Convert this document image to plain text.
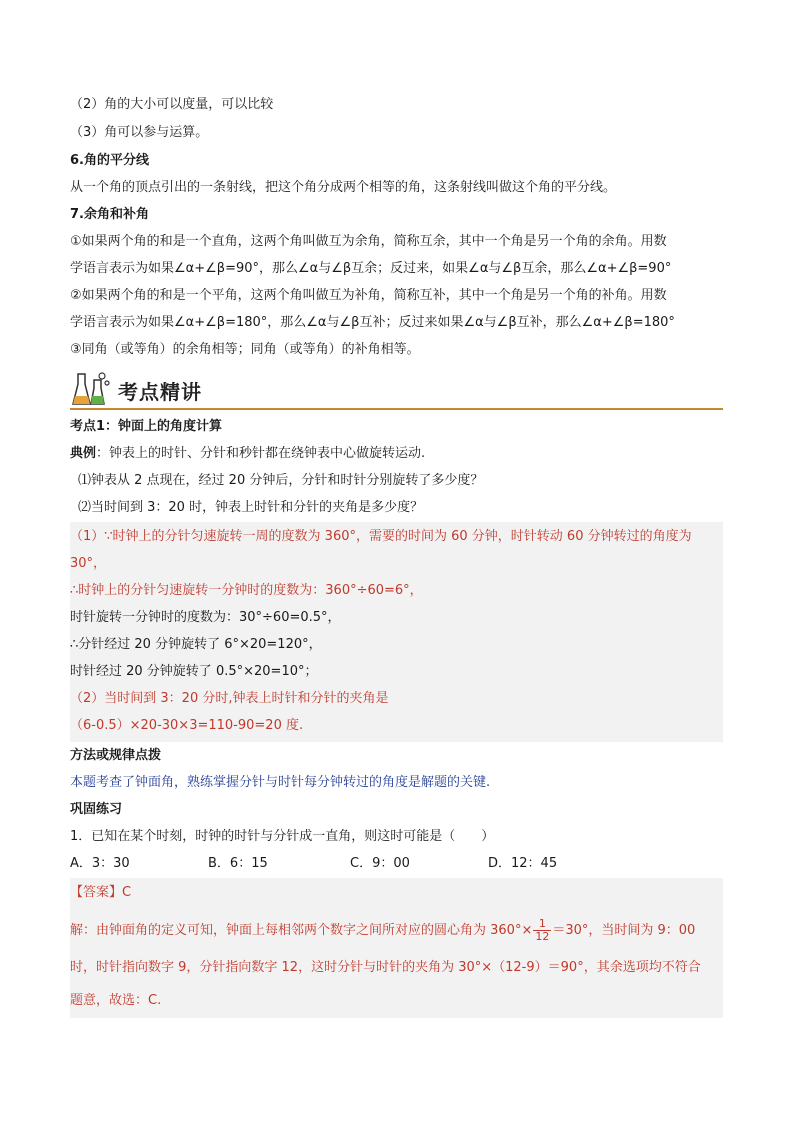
（2）角的大小可以度量，可以比较
（3）角可以参与运算。
6.角的平分线
从一个角的顶点引出的一条射线，把这个角分成两个相等的角，这条射线叫做这个角的平分线。
7.余角和补角
①如果两个角的和是一个直角，这两个角叫做互为余角，简称互余，其中一个角是另一个角的余角。用数
学语言表示为如果∠α+∠β=90°，那么∠α与∠β互余；反过来，如果∠α与∠β互余，那么∠α+∠β=90°
②如果两个角的和是一个平角，这两个角叫做互为补角，简称互补，其中一个角是另一个角的补角。用数
学语言表示为如果∠α+∠β=180°，那么∠α与∠β互补；反过来如果∠α与∠β互补，那么∠α+∠β=180°
③同角（或等角）的余角相等；同角（或等角）的补角相等。
考点精讲
考点1：钟面上的角度计算
典例：钟表上的时针、分针和秒针都在绕钟表中心做旋转运动.
⑴钟表从 2 点现在，经过 20 分钟后，分针和时针分别旋转了多少度？
⑵当时间到 3：20 时，钟表上时针和分针的夹角是多少度？
（1）∵时钟上的分针匀速旋转一周的度数为 360°，需要的时间为 60 分钟，时针转动 60 分钟转过的角度为
30°，
∴时钟上的分针匀速旋转一分钟时的度数为：360°÷60=6°，
时针旋转一分钟时的度数为：30°÷60=0.5°，
∴分针经过 20 分钟旋转了 6°×20=120°，
时针经过 20 分钟旋转了 0.5°×20=10°；
（2）当时间到 3：20 分时,钟表上时针和分针的夹角是
（6-0.5）×20-30×3=110-90=20 度.
方法或规律点拨
本题考查了钟面角，熟练掌握分针与时针每分钟转过的角度是解题的关键.
巩固练习
1．已知在某个时刻，时钟的时针与分针成一直角，则这时可能是（　　）
A．3：30	B．6：15	C．9：00	D．12：45
【答案】C
解：由钟面角的定义可知，钟面上每相邻两个数字之间所对应的圆心角为 $360^\circ\times \frac{1}{12} =30^\circ$，当时间为 9：00
时，时针指向数字 9，分针指向数字 12，这时分针与时针的夹角为 30°×（12-9）＝90°，其余选项均不符合
题意，故选：C.
